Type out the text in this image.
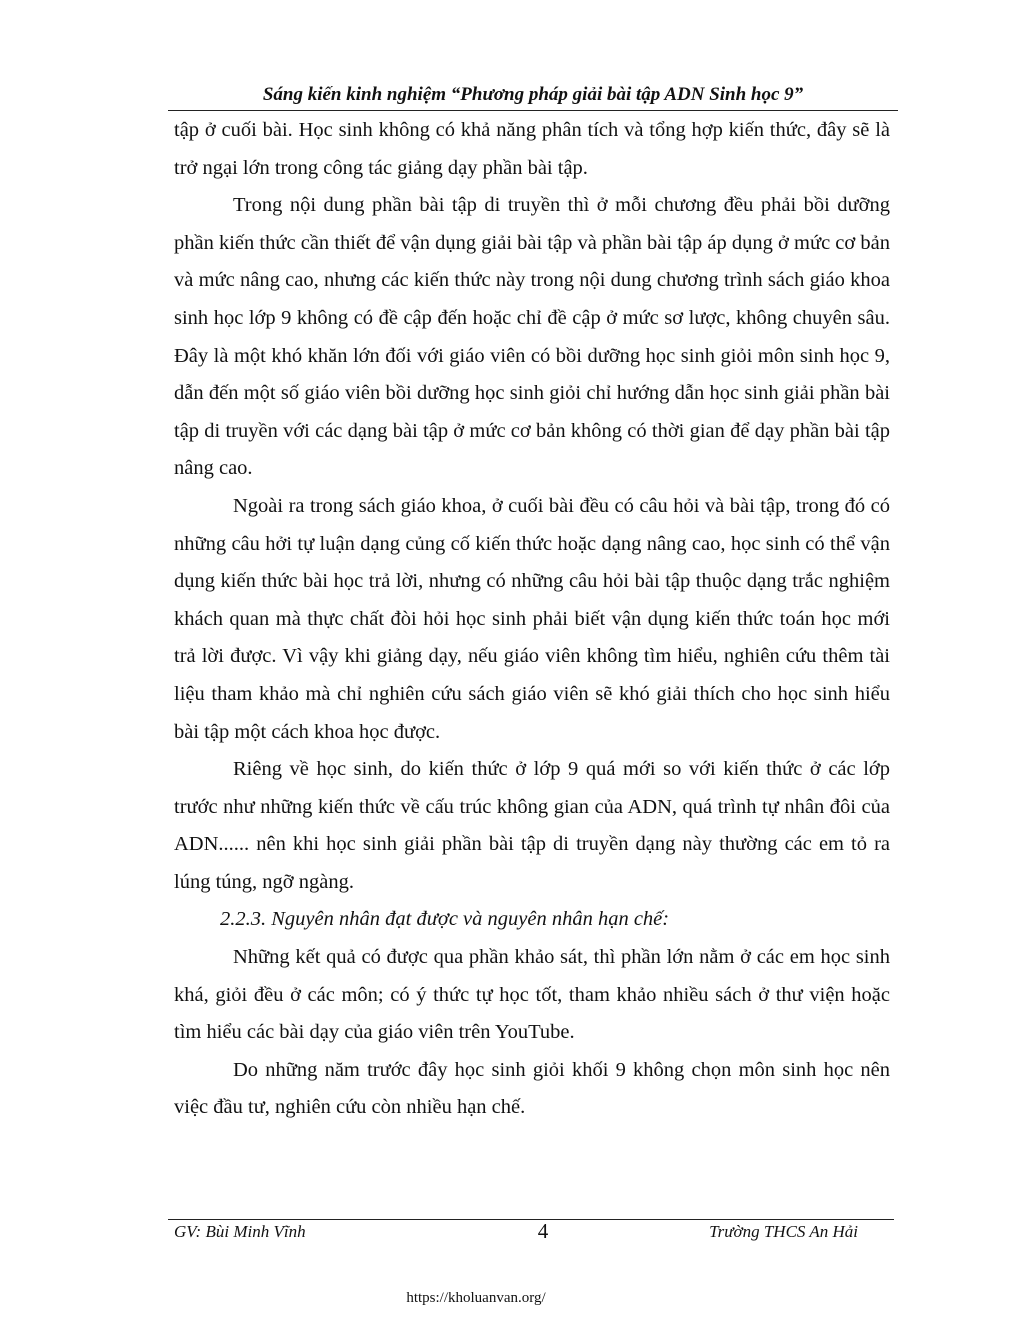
Sáng kiến kinh nghiệm “Phương pháp giải bài tập ADN Sinh học 9”

tập ở cuối bài. Học sinh không có khả năng phân tích và tổng hợp kiến thức, đây sẽ là trở ngại lớn trong công tác giảng dạy phần bài tập.

Trong nội dung phần bài tập di truyền thì ở mỗi chương đều phải bồi dưỡng phần kiến thức cần thiết để vận dụng giải bài tập và phần bài tập áp dụng ở mức cơ bản và mức nâng cao, nhưng các kiến thức này trong nội dung chương trình sách giáo khoa sinh học lớp 9 không có đề cập đến hoặc chỉ đề cập ở mức sơ lược, không chuyên sâu. Đây là một khó khăn lớn đối với giáo viên có bồi dưỡng học sinh giỏi môn sinh học 9, dẫn đến một số giáo viên bồi dưỡng học sinh giỏi chỉ hướng dẫn học sinh giải phần bài tập di truyền với các dạng bài tập ở mức cơ bản không có thời gian để dạy phần bài tập nâng cao.

Ngoài ra trong sách giáo khoa, ở cuối bài đều có câu hỏi và bài tập, trong đó có những câu hởi tự luận dạng củng cố kiến thức hoặc dạng nâng cao, học sinh có thể vận dụng kiến thức bài học trả lời, nhưng có những câu hỏi bài tập thuộc dạng trắc nghiệm khách quan mà thực chất đòi hỏi học sinh phải biết vận dụng kiến thức toán học mới trả lời được. Vì vậy khi giảng dạy, nếu giáo viên không tìm hiểu, nghiên cứu thêm tài liệu tham khảo mà chỉ nghiên cứu sách giáo viên sẽ khó giải thích cho học sinh hiểu bài tập một cách khoa học được.

Riêng về học sinh, do kiến thức ở lớp 9 quá mới so với kiến thức ở các lớp trước như những kiến thức về cấu trúc không gian của ADN, quá trình tự nhân đôi của ADN...... nên khi học sinh giải phần bài tập di truyền dạng này thường các em tỏ ra lúng túng, ngỡ ngàng.

2.2.3. Nguyên nhân đạt được và nguyên nhân hạn chế:

Những kết quả có được qua phần khảo sát, thì phần lớn nằm ở các em học sinh khá, giỏi đều ở các môn; có ý thức tự học tốt, tham khảo nhiều sách ở thư viện hoặc tìm hiểu các bài dạy của giáo viên trên YouTube.

Do những năm trước đây học sinh giỏi khối 9 không chọn môn sinh học nên việc đầu tư, nghiên cứu còn nhiều hạn chế.

GV: Bùi Minh Vĩnh	4	Trường THCS An Hải
https://kholuanvan.org/
